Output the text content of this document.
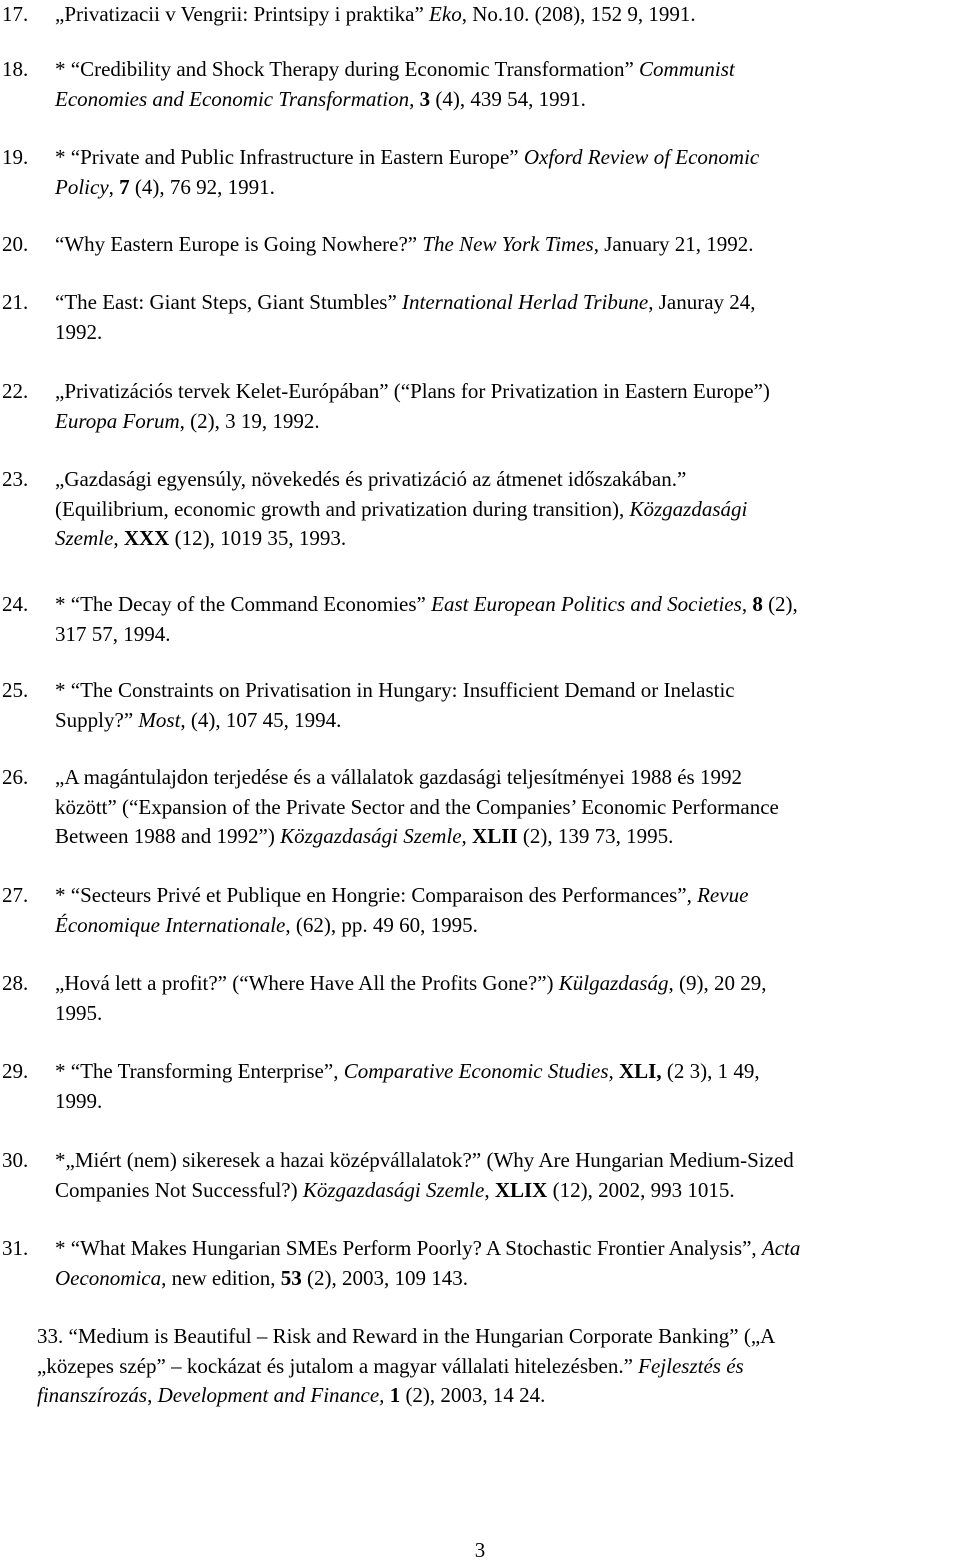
17. „Privatizacii v Vengrii: Printsipy i praktika” Eko, No.10. (208), 152 9, 1991.
18. * “Credibility and Shock Therapy during Economic Transformation” Communist
Economies and Economic Transformation, 3 (4), 439 54, 1991.
19. * “Private and Public Infrastructure in Eastern Europe” Oxford Review of Economic
Policy, 7 (4), 76 92, 1991.
20. “Why Eastern Europe is Going Nowhere?” The New York Times, January 21, 1992.
21. “The East: Giant Steps, Giant Stumbles” International Herlad Tribune, Januray 24,
1992.
22. „Privatizációs tervek Kelet-Európában” (“Plans for Privatization in Eastern Europe”)
Europa Forum, (2), 3 19, 1992.
23. „Gazdasági egyensúly, növekedés és privatizáció az átmenet időszakában.”
(Equilibrium, economic growth and privatization during transition), Közgazdasági
Szemle, XXX (12), 1019 35, 1993.
24. * “The Decay of the Command Economies” East European Politics and Societies, 8 (2),
317 57, 1994.
25. * “The Constraints on Privatisation in Hungary: Insufficient Demand or Inelastic
Supply?” Most, (4), 107 45, 1994.
26. „A magántulajdon terjedése és a vállalatok gazdasági teljesítményei 1988 és 1992
között” (“Expansion of the Private Sector and the Companies’ Economic Performance
Between 1988 and 1992”) Közgazdasági Szemle, XLII (2), 139 73, 1995.
27. * “Secteurs Privé et Publique en Hongrie: Comparaison des Performances”, Revue
Économique Internationale, (62), pp. 49 60, 1995.
28. „Hová lett a profit?” (“Where Have All the Profits Gone?”) Külgazdaság, (9), 20 29,
1995.
29. * “The Transforming Enterprise”, Comparative Economic Studies, XLI, (2 3), 1 49,
1999.
30. *„Miért (nem) sikeresek a hazai középvállalatok?” (Why Are Hungarian Medium-Sized
Companies Not Successful?) Közgazdasági Szemle, XLIX (12), 2002, 993 1015.
31. * “What Makes Hungarian SMEs Perform Poorly? A Stochastic Frontier Analysis”, Acta
Oeconomica, new edition, 53 (2), 2003, 109 143.
33. “Medium is Beautiful – Risk and Reward in the Hungarian Corporate Banking” („A
„közepes szép” – kockázat és jutalom a magyar vállalati hitelezésben.” Fejlesztés és
finanszírozás, Development and Finance, 1 (2), 2003, 14 24.
3
